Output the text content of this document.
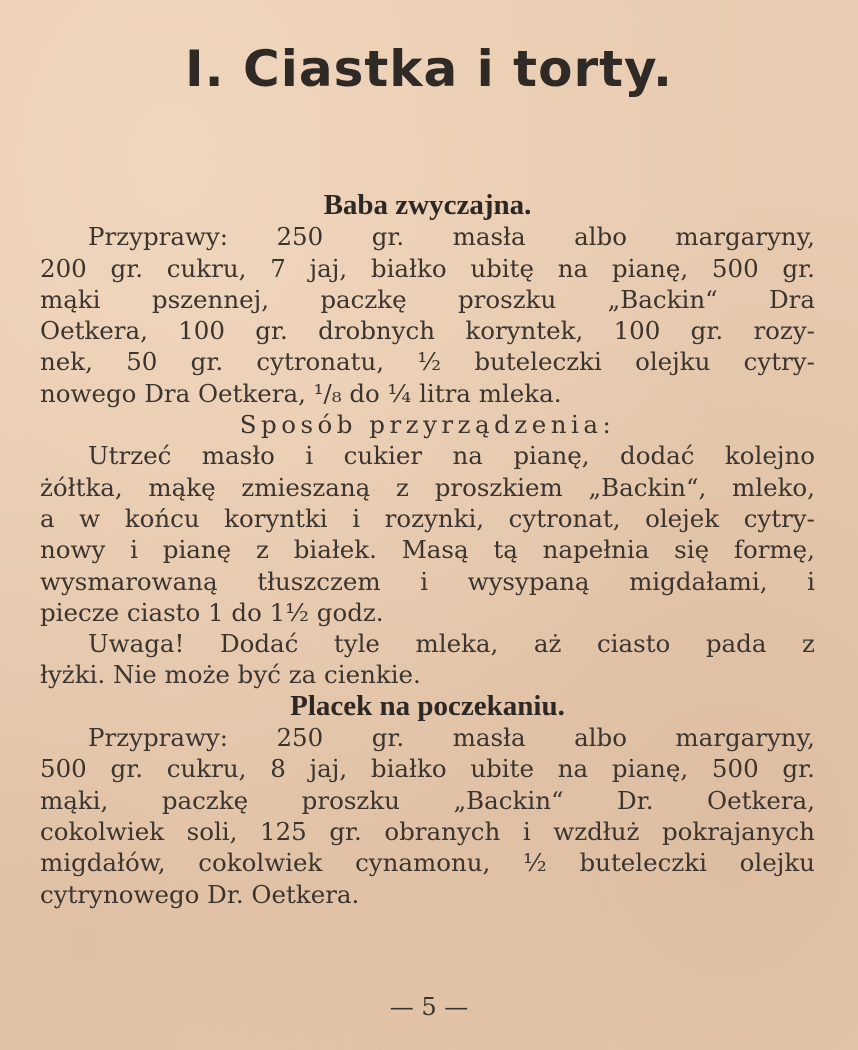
I. Ciastka i torty.
Baba zwyczajna.
Przyprawy: 250 gr. masła albo margaryny,
200 gr. cukru, 7 jaj, białko ubitę na pianę, 500 gr.
mąki pszennej, paczkę proszku „Backin“ Dra
Oetkera, 100 gr. drobnych koryntek, 100 gr. rozy-
nek, 50 gr. cytronatu, ½ buteleczki olejku cytry-
nowego Dra Oetkera, ¹/₈ do ¼ litra mleka.
Sposób przyrządzenia:
Utrzeć masło i cukier na pianę, dodać kolejno
żółtka, mąkę zmieszaną z proszkiem „Backin“, mleko,
a w końcu koryntki i rozynki, cytronat, olejek cytry-
nowy i pianę z białek. Masą tą napełnia się formę,
wysmarowaną tłuszczem i wysypaną migdałami, i
piecze ciasto 1 do 1½ godz.
Uwaga! Dodać tyle mleka, aż ciasto pada z
łyżki. Nie może być za cienkie.
Placek na poczekaniu.
Przyprawy: 250 gr. masła albo margaryny,
500 gr. cukru, 8 jaj, białko ubite na pianę, 500 gr.
mąki, paczkę proszku „Backin“ Dr. Oetkera,
cokolwiek soli, 125 gr. obranych i wzdłuż pokrajanych
migdałów, cokolwiek cynamonu, ½ buteleczki olejku
cytrynowego Dr. Oetkera.
— 5 —
